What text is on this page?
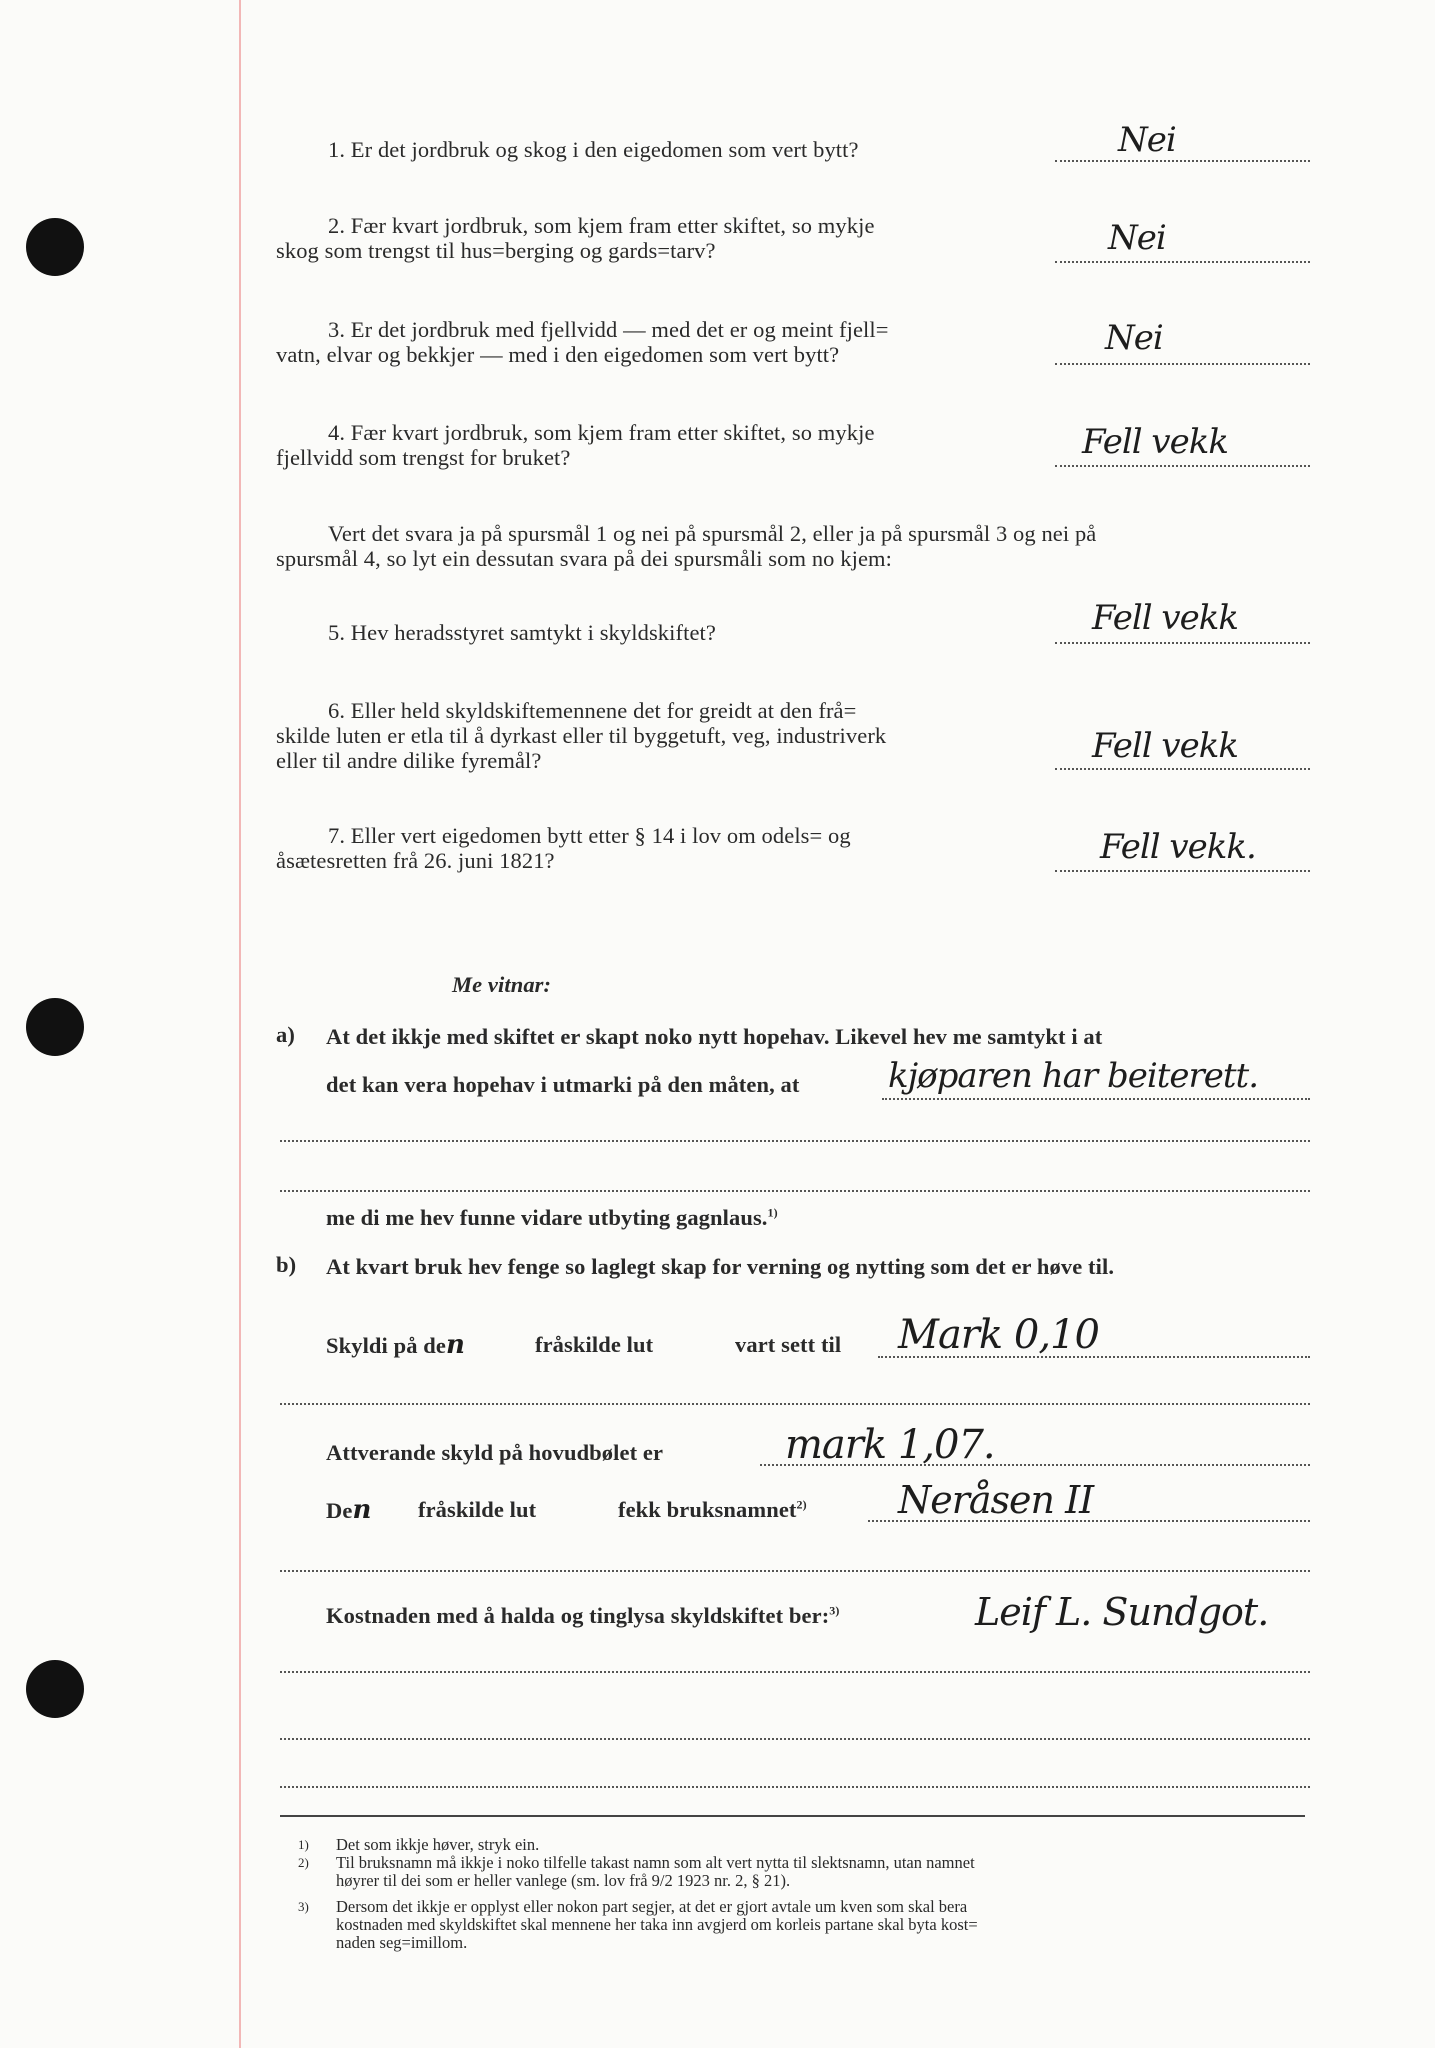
1. Er det jordbruk og skog i den eigedomen som vert bytt?	Nei
2. Fær kvart jordbruk, som kjem fram etter skiftet, so mykje
skog som trengst til hus=berging og gards=tarv?	Nei
3. Er det jordbruk med fjellvidd — med det er og meint fjell=
vatn, elvar og bekkjer — med i den eigedomen som vert bytt?	Nei
4. Fær kvart jordbruk, som kjem fram etter skiftet, so mykje
fjellvidd som trengst for bruket?	Fell vekk
Vert det svara ja på spursmål 1 og nei på spursmål 2, eller ja på spursmål 3 og nei på
spursmål 4, so lyt ein dessutan svara på dei spursmåli som no kjem:
5. Hev heradsstyret samtykt i skyldskiftet?	Fell vekk
6. Eller held skyldskiftemennene det for greidt at den frå=
skilde luten er etla til å dyrkast eller til byggetuft, veg, industriverk
eller til andre dilike fyremål?	Fell vekk
7. Eller vert eigedomen bytt etter § 14 i lov om odels= og
åsætesretten frå 26. juni 1821?	Fell vekk.
Me vitnar:
a) At det ikkje med skiftet er skapt noko nytt hopehav. Likevel hev me samtykt i at
det kan vera hopehav i utmarki på den måten, at	kjøparen har beiterett.
me di me hev funne vidare utbyting gagnlaus.$^{1)}$
b) At kvart bruk hev fenge so laglegt skap for verning og nytting som det er høve til.
Skyldi på den	fråskilde lut	vart sett til Mark 0,10
Attverande skyld på hovudbølet er	mark 1,07.
Den fråskilde lut	fekk bruksnamnet$^{2)}$ Neråsen II
Kostnaden med å halda og tinglysa skyldskiftet ber:$^{3)}$	Leif L. Sundgot.
1) Det som ikkje høver, stryk ein.
2) Til bruksnamn må ikkje i noko tilfelle takast namn som alt vert nytta til slektsnamn, utan namnet
høyrer til dei som er heller vanlege (sm. lov frå 9/2 1923 nr. 2, § 21).
3) Dersom det ikkje er opplyst eller nokon part segjer, at det er gjort avtale um kven som skal bera
kostnaden med skyldskiftet skal mennene her taka inn avgjerd om korleis partane skal byta kost=
naden seg=imillom.
